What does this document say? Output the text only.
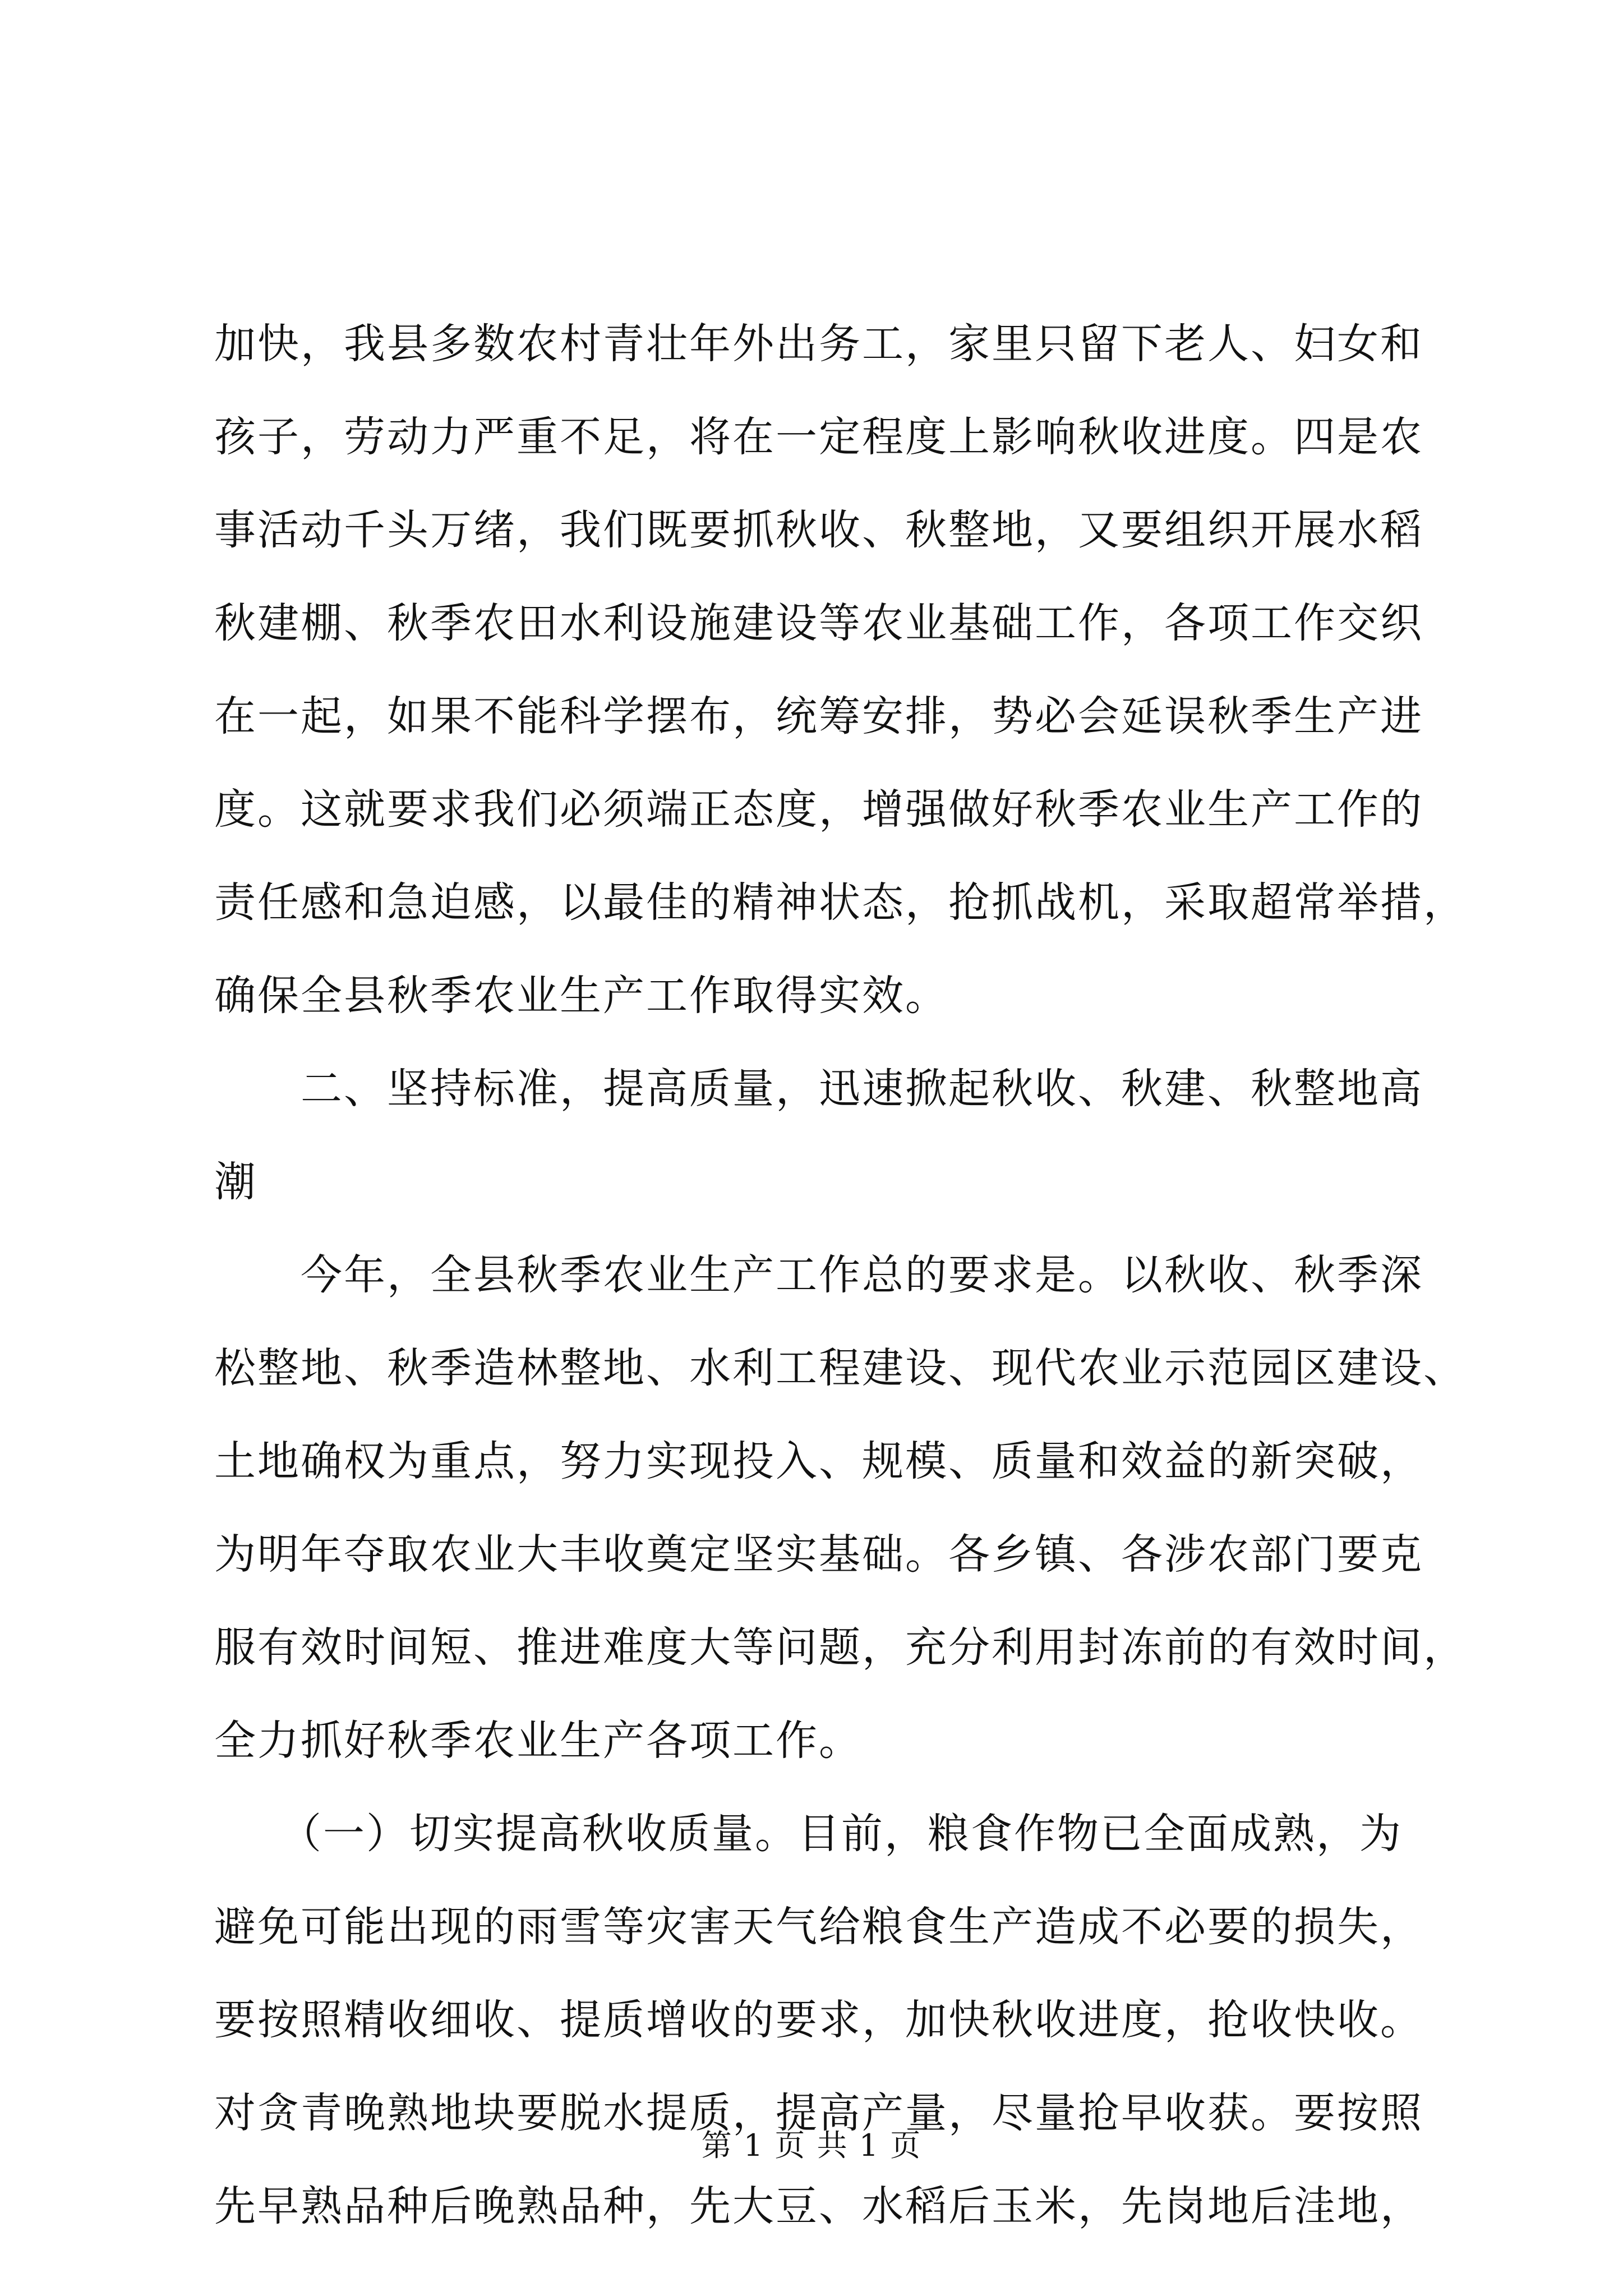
加快，我县多数农村青壮年外出务工，家里只留下老人、妇女和
孩子，劳动力严重不足，将在一定程度上影响秋收进度。四是农
事活动千头万绪，我们既要抓秋收、秋整地，又要组织开展水稻
秋建棚、秋季农田水利设施建设等农业基础工作，各项工作交织
在一起，如果不能科学摆布，统筹安排，势必会延误秋季生产进
度。这就要求我们必须端正态度，增强做好秋季农业生产工作的
责任感和急迫感，以最佳的精神状态，抢抓战机，采取超常举措，
确保全县秋季农业生产工作取得实效。
　　二、坚持标准，提高质量，迅速掀起秋收、秋建、秋整地高
潮
　　今年，全县秋季农业生产工作总的要求是。以秋收、秋季深
松整地、秋季造林整地、水利工程建设、现代农业示范园区建设、
土地确权为重点，努力实现投入、规模、质量和效益的新突破，
为明年夺取农业大丰收奠定坚实基础。各乡镇、各涉农部门要克
服有效时间短、推进难度大等问题，充分利用封冻前的有效时间，
全力抓好秋季农业生产各项工作。
　　（一）切实提高秋收质量。目前，粮食作物已全面成熟，为
避免可能出现的雨雪等灾害天气给粮食生产造成不必要的损失，
要按照精收细收、提质增收的要求，加快秋收进度，抢收快收。
对贪青晚熟地块要脱水提质，提高产量，尽量抢早收获。要按照
先早熟品种后晚熟品种，先大豆、水稻后玉米，先岗地后洼地，
第 1 页 共 1 页
